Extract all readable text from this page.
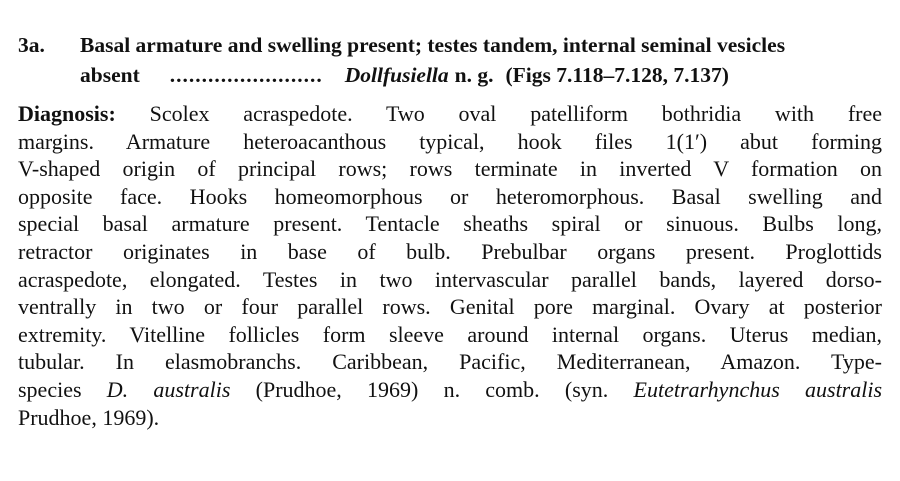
3a.	Basal armature and swelling present; testes tandem, internal seminal vesicles
absent ........................ Dollfusiella n. g. (Figs 7.118–7.128, 7.137)
Diagnosis: Scolex acraspedote. Two oval patelliform bothridia with free
margins. Armature heteroacanthous typical, hook files 1(1′) abut forming
V-shaped origin of principal rows; rows terminate in inverted V formation on
opposite face. Hooks homeomorphous or heteromorphous. Basal swelling and
special basal armature present. Tentacle sheaths spiral or sinuous. Bulbs long,
retractor originates in base of bulb. Prebulbar organs present. Proglottids
acraspedote, elongated. Testes in two intervascular parallel bands, layered dorso-
ventrally in two or four parallel rows. Genital pore marginal. Ovary at posterior
extremity. Vitelline follicles form sleeve around internal organs. Uterus median,
tubular. In elasmobranchs. Caribbean, Pacific, Mediterranean, Amazon. Type-
species D. australis (Prudhoe, 1969) n. comb. (syn. Eutetrarhynchus australis
Prudhoe, 1969).
